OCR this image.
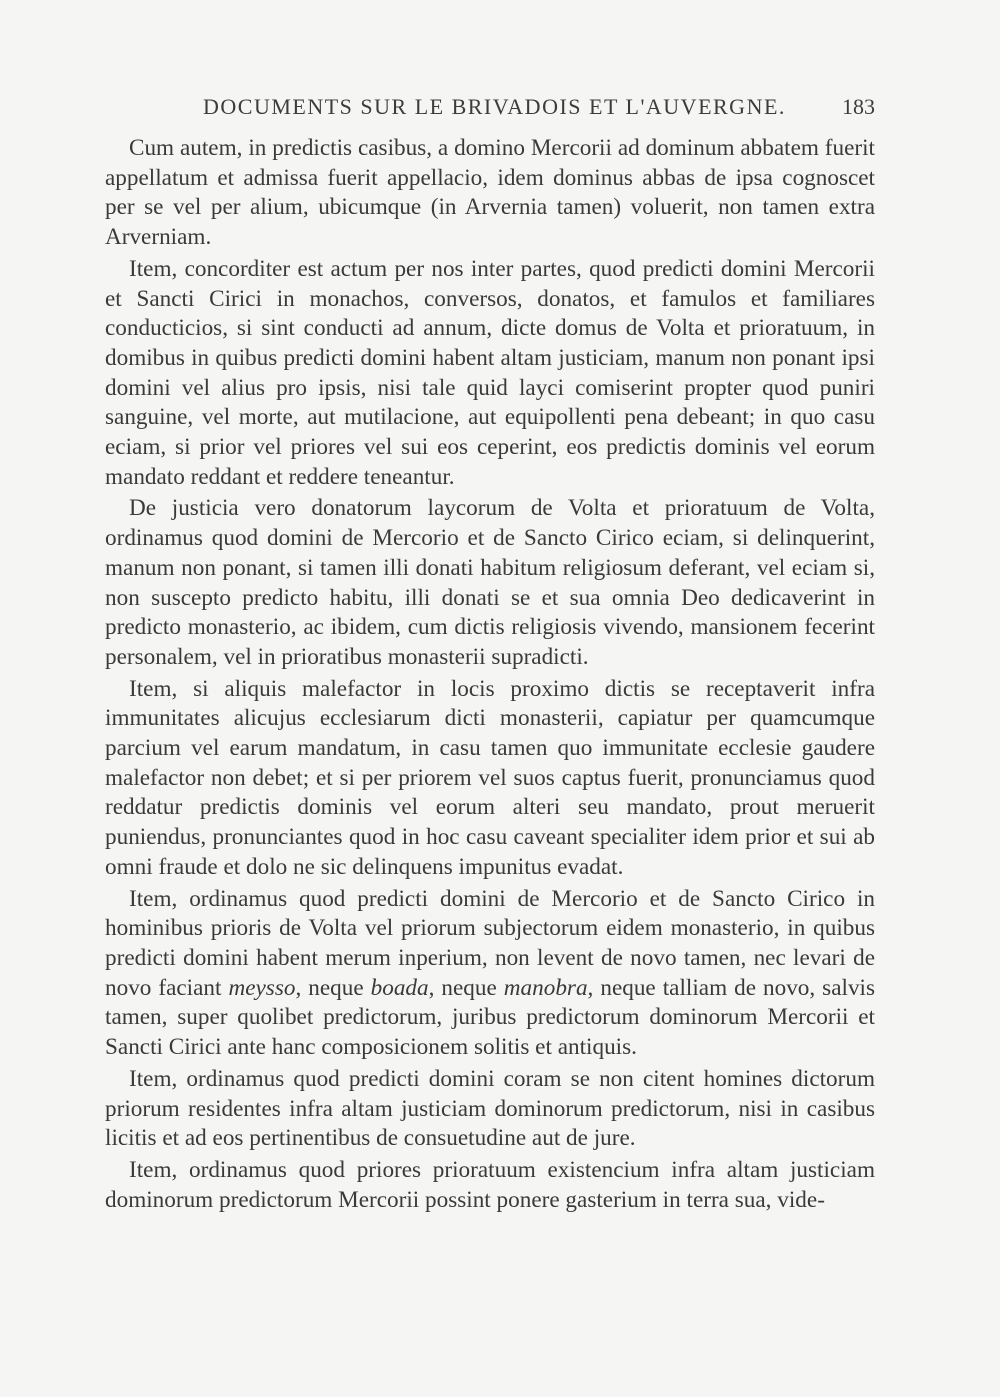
DOCUMENTS SUR LE BRIVADOIS ET L'AUVERGNE.	183

Cum autem, in predictis casibus, a domino Mercorii ad dominum abbatem fuerit appellatum et admissa fuerit appellacio, idem dominus abbas de ipsa cognoscet per se vel per alium, ubicumque (in Arvernia tamen) voluerit, non tamen extra Arverniam.

Item, concorditer est actum per nos inter partes, quod predicti domini Mercorii et Sancti Cirici in monachos, conversos, donatos, et famulos et familiares conducticios, si sint conducti ad annum, dicte domus de Volta et prioratuum, in domibus in quibus predicti domini habent altam justiciam, manum non ponant ipsi domini vel alius pro ipsis, nisi tale quid layci comiserint propter quod puniri sanguine, vel morte, aut mutilacione, aut equipollenti pena debeant; in quo casu eciam, si prior vel priores vel sui eos ceperint, eos predictis dominis vel eorum mandato reddant et reddere teneantur.

De justicia vero donatorum laycorum de Volta et prioratuum de Volta, ordinamus quod domini de Mercorio et de Sancto Cirico eciam, si delinquerint, manum non ponant, si tamen illi donati habitum religiosum deferant, vel eciam si, non suscepto predicto habitu, illi donati se et sua omnia Deo dedicaverint in predicto monasterio, ac ibidem, cum dictis religiosis vivendo, mansionem fecerint personalem, vel in prioratibus monasterii supradicti.

Item, si aliquis malefactor in locis proximo dictis se receptaverit infra immunitates alicujus ecclesiarum dicti monasterii, capiatur per quamcumque parcium vel earum mandatum, in casu tamen quo immunitate ecclesie gaudere malefactor non debet; et si per priorem vel suos captus fuerit, pronunciamus quod reddatur predictis dominis vel eorum alteri seu mandato, prout meruerit puniendus, pronunciantes quod in hoc casu caveant specialiter idem prior et sui ab omni fraude et dolo ne sic delinquens impunitus evadat.

Item, ordinamus quod predicti domini de Mercorio et de Sancto Cirico in hominibus prioris de Volta vel priorum subjectorum eidem monasterio, in quibus predicti domini habent merum inperium, non levent de novo tamen, nec levari de novo faciant meysso, neque boada, neque manobra, neque talliam de novo, salvis tamen, super quolibet predictorum, juribus predictorum dominorum Mercorii et Sancti Cirici ante hanc composicionem solitis et antiquis.

Item, ordinamus quod predicti domini coram se non citent homines dictorum priorum residentes infra altam justiciam dominorum predictorum, nisi in casibus licitis et ad eos pertinentibus de consuetudine aut de jure.

Item, ordinamus quod priores prioratuum existencium infra altam justiciam dominorum predictorum Mercorii possint ponere gasterium in terra sua, vide-
